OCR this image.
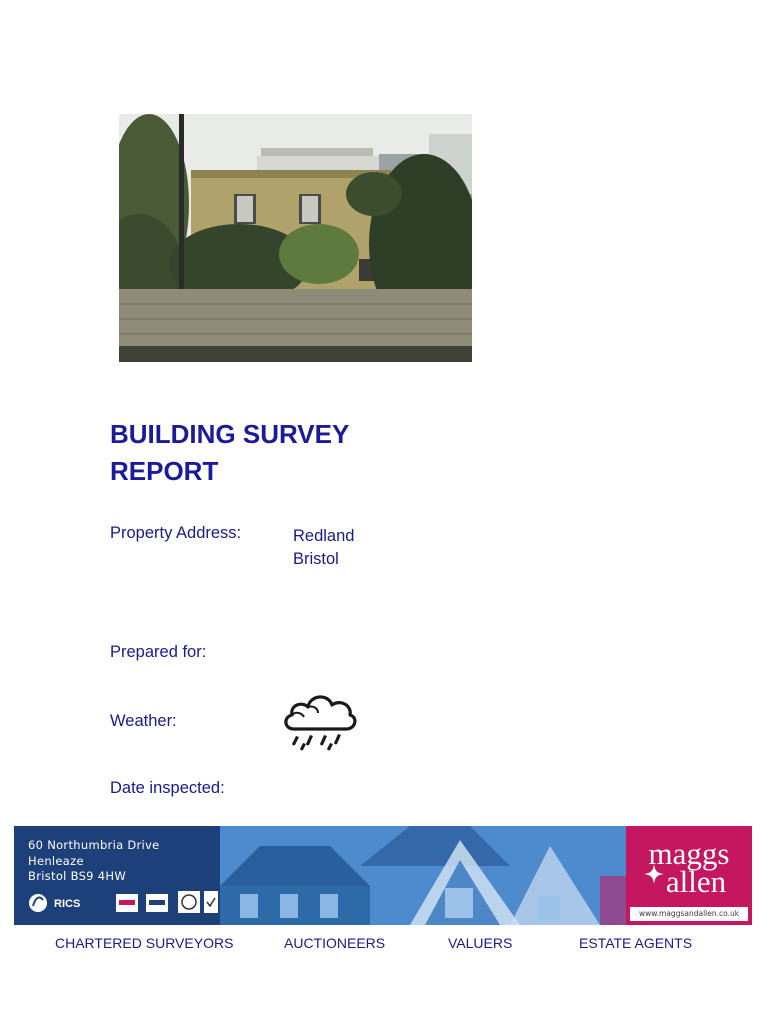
BUILDING SURVEY
REPORT
Property Address:	Redland
Bristol
Prepared for:
Weather:
Date inspected:
60 Northumbria Drive
Henleaze
Bristol BS9 4HW
RICS
maggs
allen
www.maggsandallen.co.uk
CHARTERED SURVEYORS	AUCTIONEERS	VALUERS	ESTATE AGENTS
